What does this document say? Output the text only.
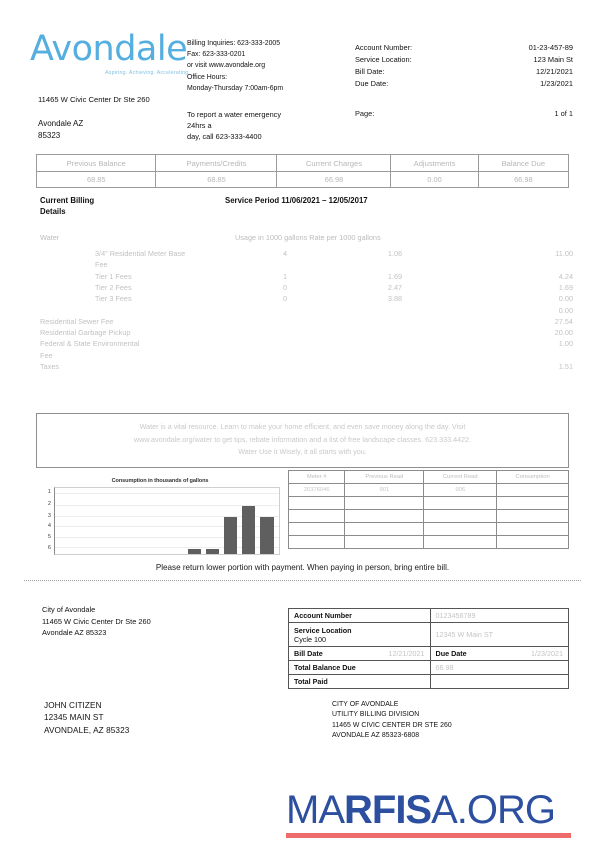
Avondale
Aspiring. Achieving. Accelerating.
11465 W Civic Center Dr Ste 260
Avondale AZ
85323
Billing Inquiries: 623-333-2005
Fax: 623-333-0201
or visit www.avondale.org
Office Hours:
Monday-Thursday 7:00am-6pm
To report a water emergency
24hrs a
day, call 623-333-4400
Account Number:	01-23-457-89
Service Location:	123 Main St
Bill Date:	12/21/2021
Due Date:	1/23/2021
Page:	1 of 1
Previous Balance	Payments/Credits	Current Charges	Adjustments	Balance Due
68.85	68.85	66.98	0.00	66.98
Current Billing
Details
Service Period 11/06/2021 – 12/05/2017
Water	Usage in 1000 gallons Rate per 1000 gallons
3/4" Residential Meter Base	4	1.06	11.00
Fee
Tier 1 Fees	1	1.69	4.24
Tier 2 Fees	0	2.47	1.69
Tier 3 Fees	0	3.88	0.00
0.00
Residential Sewer Fee	27.54
Residential Garbage Pickup	20.00
Federal & State Environmental	1.00
Fee
Taxes	1.51
Water is a vital resource. Learn to make your home efficient, and even save money along the day. Visit
www.avondale.org/water to get tips, rebate information and a list of free landscape classes. 623.333.4422.
Water Use it Wisely, it all starts with you.
Consumption in thousands of gallons
1
2
3
4
5
6
Meter #	Previous Read	Current Read	Consumption
20376046	901	906	

Please return lower portion with payment. When paying in person, bring entire bill.
City of Avondale
11465 W Civic Center Dr Ste 260
Avondale AZ 85323
Account Number	0123456789

Service Location
Cycle 100	12345 W Main ST
Bill Date 12/21/2021	Due Date 1/23/2021

Total Balance Due	66.98
Total Paid	
JOHN CITIZEN
12345 MAIN ST
AVONDALE, AZ 85323
CITY OF AVONDALE
UTILITY BILLING DIVISION
11465 W CIVIC CENTER DR STE 260
AVONDALE AZ 85323-6808
MARFISA.ORG
